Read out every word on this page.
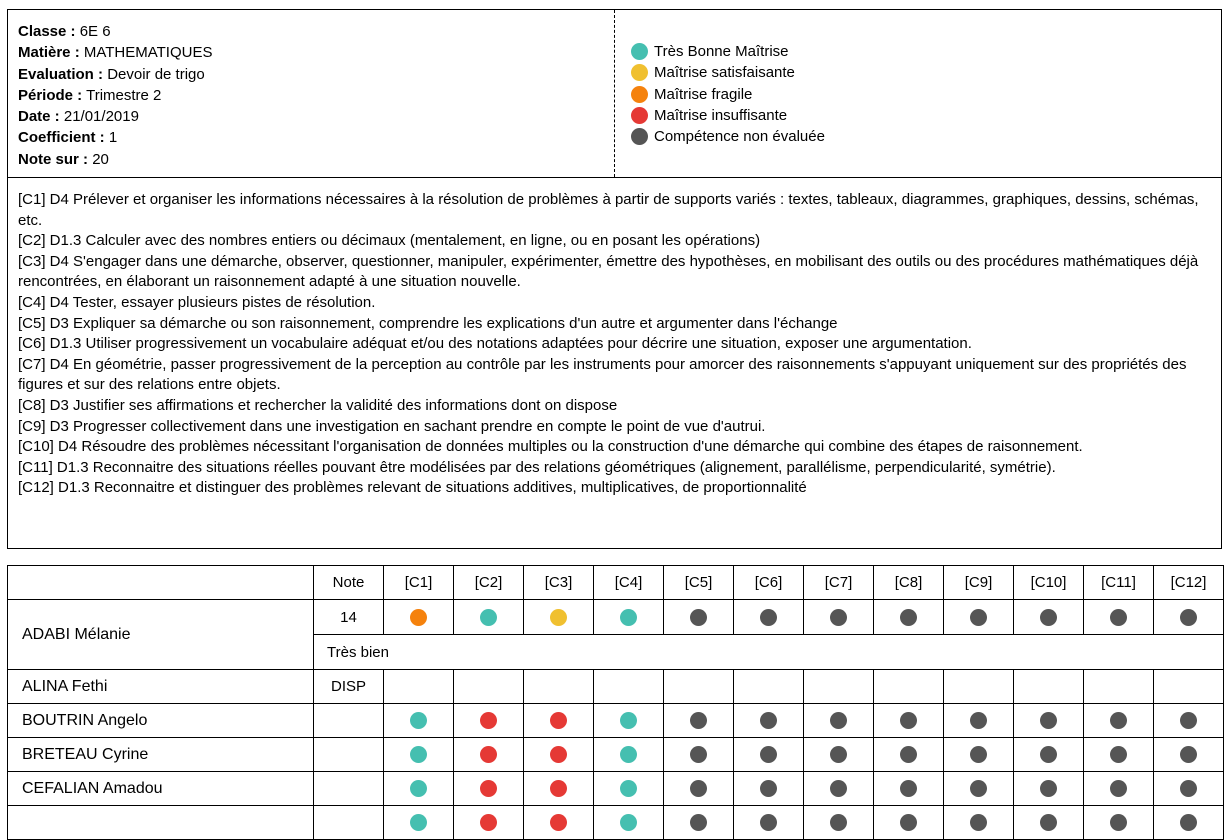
Classe : 6E 6
Matière : MATHEMATIQUES
Evaluation : Devoir de trigo
Période : Trimestre 2
Date : 21/01/2019
Coefficient : 1
Note sur : 20
Très Bonne Maîtrise
Maîtrise satisfaisante
Maîtrise fragile
Maîtrise insuffisante
Compétence non évaluée
[C1] D4 Prélever et organiser les informations nécessaires à la résolution de problèmes à partir de supports variés : textes, tableaux, diagrammes, graphiques, dessins, schémas, etc.
[C2] D1.3 Calculer avec des nombres entiers ou décimaux (mentalement, en ligne, ou en posant les opérations)
[C3] D4 S'engager dans une démarche, observer, questionner, manipuler, expérimenter, émettre des hypothèses, en mobilisant des outils ou des procédures mathématiques déjà rencontrées, en élaborant un raisonnement adapté à une situation nouvelle.
[C4] D4 Tester, essayer plusieurs pistes de résolution.
[C5] D3 Expliquer sa démarche ou son raisonnement, comprendre les explications d'un autre et argumenter dans l'échange
[C6] D1.3 Utiliser progressivement un vocabulaire adéquat et/ou des notations adaptées pour décrire une situation, exposer une argumentation.
[C7] D4 En géométrie, passer progressivement de la perception au contrôle par les instruments pour amorcer des raisonnements s'appuyant uniquement sur des propriétés des figures et sur des relations entre objets.
[C8] D3 Justifier ses affirmations et rechercher la validité des informations dont on dispose
[C9] D3 Progresser collectivement dans une investigation en sachant prendre en compte le point de vue d'autrui.
[C10] D4 Résoudre des problèmes nécessitant l'organisation de données multiples ou la construction d'une démarche qui combine des étapes de raisonnement.
[C11] D1.3 Reconnaitre des situations réelles pouvant être modélisées par des relations géométriques (alignement, parallélisme, perpendicularité, symétrie).
[C12] D1.3 Reconnaitre et distinguer des problèmes relevant de situations additives, multiplicatives, de proportionnalité
	Note	[C1]	[C2]	[C3]	[C4]	[C5]	[C6]	[C7]	[C8]	[C9]	[C10]	[C11]	[C12]
ADABI Mélanie	14												
	Très bien												
ALINA Fethi	DISP												
BOUTRIN Angelo													
BRETEAU Cyrine													
CEFALIAN Amadou													
